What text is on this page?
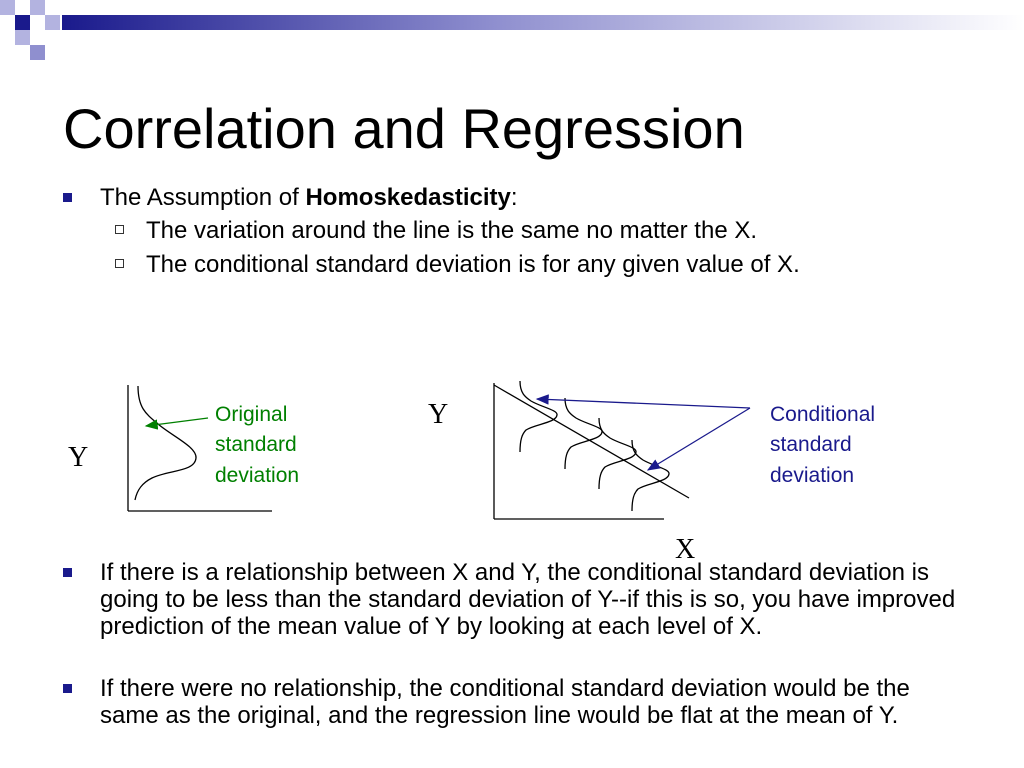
Correlation and Regression
The Assumption of Homoskedasticity:
The variation around the line is the same no matter the X.
The conditional standard deviation is for any given value of X.
Y
Original
standard
deviation
Y
X
Conditional
standard
deviation
If there is a relationship between X and Y, the conditional standard deviation is going to be less than the standard deviation of Y--if this is so, you have improved prediction of the mean value of Y by looking at each level of X.
If there were no relationship, the conditional standard deviation would be the same as the original, and the regression line would be flat at the mean of Y.
